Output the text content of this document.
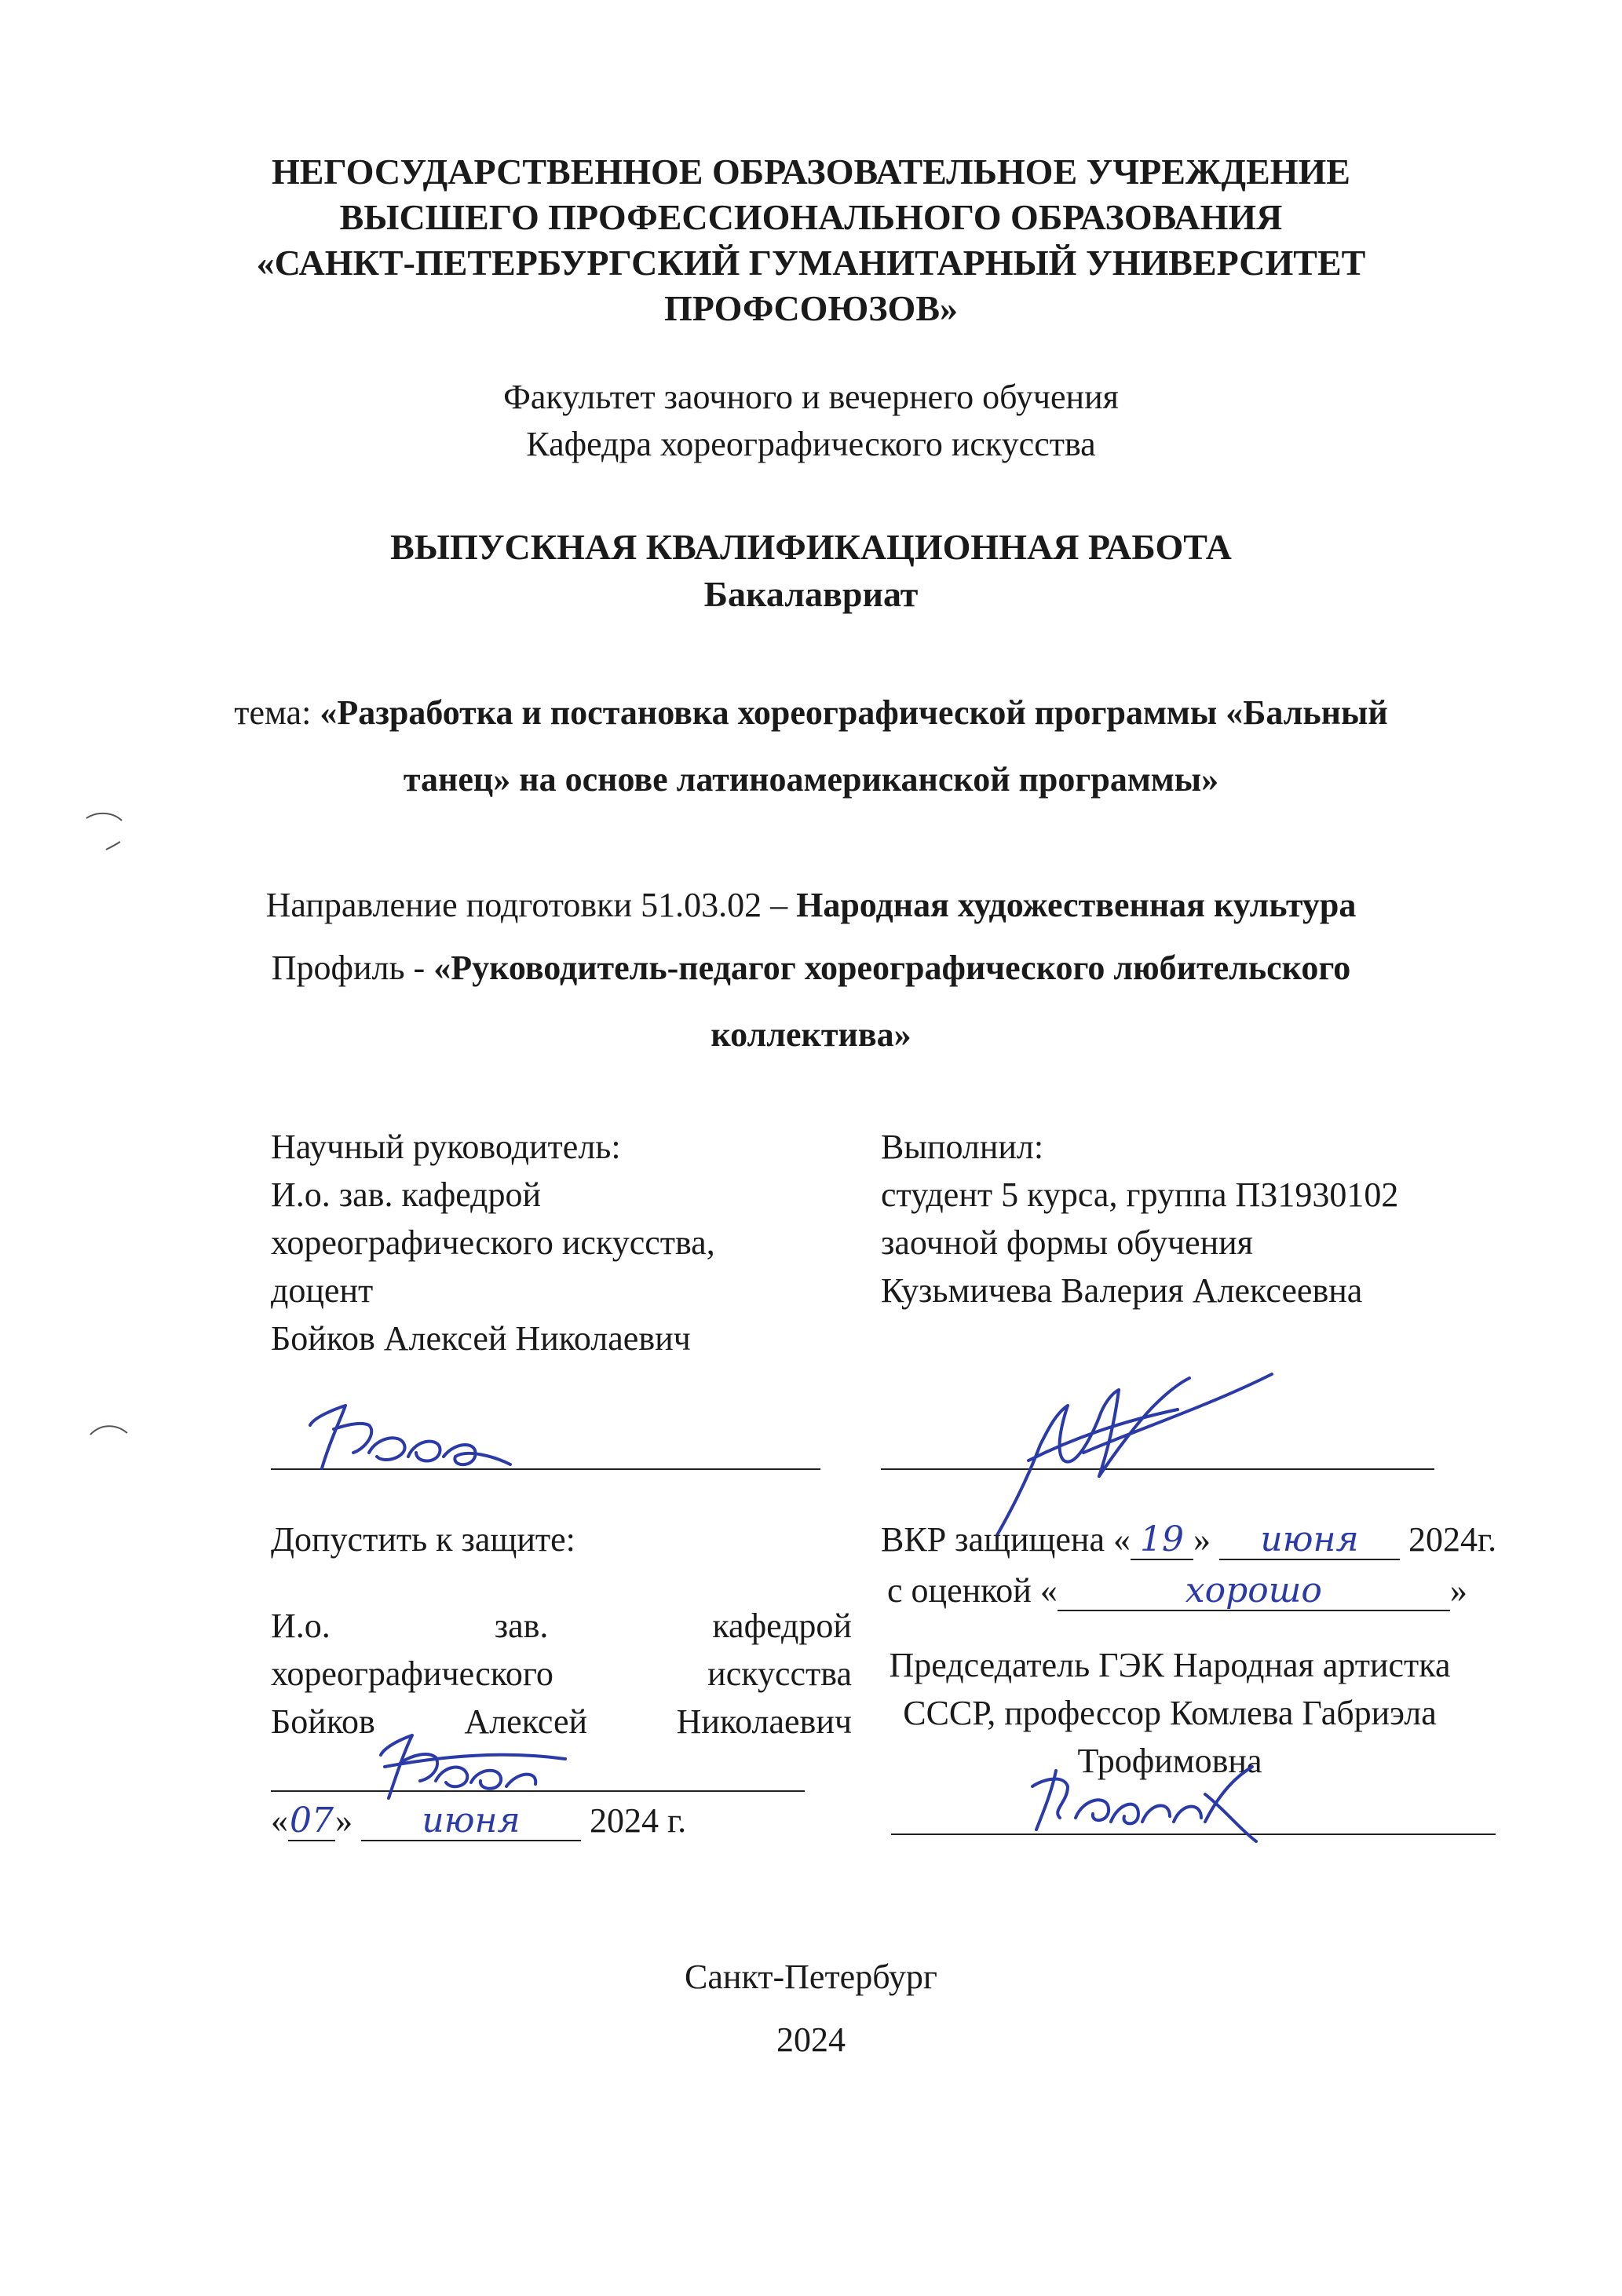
НЕГОСУДАРСТВЕННОЕ ОБРАЗОВАТЕЛЬНОЕ УЧРЕЖДЕНИЕ
ВЫСШЕГО ПРОФЕССИОНАЛЬНОГО ОБРАЗОВАНИЯ
«САНКТ-ПЕТЕРБУРГСКИЙ ГУМАНИТАРНЫЙ УНИВЕРСИТЕТ
ПРОФСОЮЗОВ»
Факультет заочного и вечернего обучения
Кафедра хореографического искусства
ВЫПУСКНАЯ КВАЛИФИКАЦИОННАЯ РАБОТА
Бакалавриат
тема: «Разработка и постановка хореографической программы «Бальный
танец» на основе латиноамериканской программы»
Направление подготовки 51.03.02 – Народная художественная культура
Профиль - «Руководитель-педагог хореографического любительского
коллектива»
Научный руководитель:
И.о. зав. кафедрой
хореографического искусства,
доцент
Бойков Алексей Николаевич
Выполнил:
студент 5 курса, группа ПЗ1930102
заочной формы обучения
Кузьмичева Валерия Алексеевна
Допустить к защите:
И.о.	зав.	кафедрой
хореографического	искусства
Бойков	Алексей	Николаевич
«07» июня 2024 г.
ВКР защищена « 19 » июня 2024г.
с оценкой «	хорошо	»
Председатель ГЭК Народная артистка
СССР, профессор Комлева Габриэла
Трофимовна
Санкт-Петербург
2024
